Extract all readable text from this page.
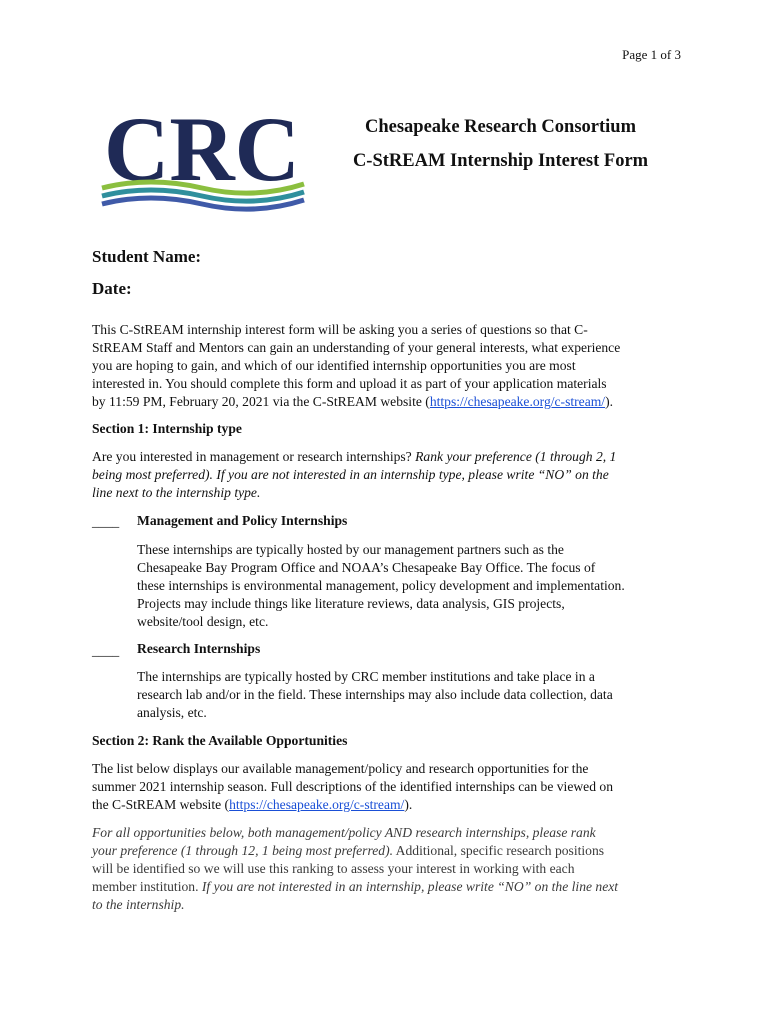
Page 1 of 3
CRC	Chesapeake Research Consortium
C-StREAM Internship Interest Form
Student Name:
Date:
This C-StREAM internship interest form will be asking you a series of questions so that C-
StREAM Staff and Mentors can gain an understanding of your general interests, what experience
you are hoping to gain, and which of our identified internship opportunities you are most
interested in. You should complete this form and upload it as part of your application materials
by 11:59 PM, February 20, 2021 via the C-StREAM website (https://chesapeake.org/c-stream/).
Section 1: Internship type
Are you interested in management or research internships? Rank your preference (1 through 2, 1
being most preferred). If you are not interested in an internship type, please write “NO” on the
line next to the internship type.
____ Management and Policy Internships
These internships are typically hosted by our management partners such as the
Chesapeake Bay Program Office and NOAA’s Chesapeake Bay Office. The focus of
these internships is environmental management, policy development and implementation.
Projects may include things like literature reviews, data analysis, GIS projects,
website/tool design, etc.
____ Research Internships
The internships are typically hosted by CRC member institutions and take place in a
research lab and/or in the field. These internships may also include data collection, data
analysis, etc.
Section 2: Rank the Available Opportunities
The list below displays our available management/policy and research opportunities for the
summer 2021 internship season. Full descriptions of the identified internships can be viewed on
the C-StREAM website (https://chesapeake.org/c-stream/).
For all opportunities below, both management/policy AND research internships, please rank
your preference (1 through 12, 1 being most preferred). Additional, specific research positions
will be identified so we will use this ranking to assess your interest in working with each
member institution. If you are not interested in an internship, please write “NO” on the line next
to the internship.
